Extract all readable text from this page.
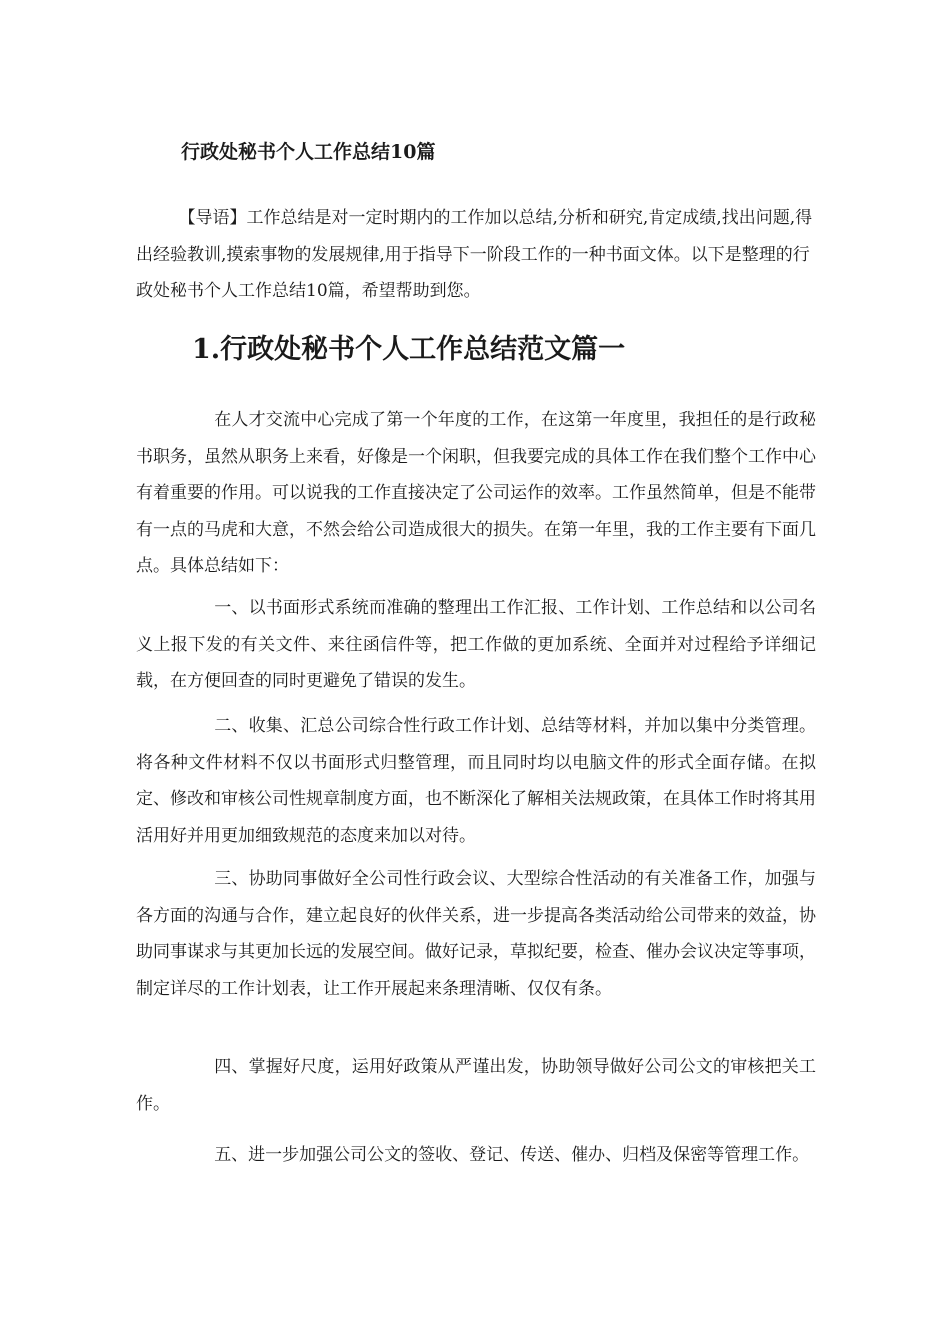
行政处秘书个人工作总结10篇

【导语】工作总结是对一定时期内的工作加以总结,分析和研究,肯定成绩,找出问题,得出经验教训,摸索事物的发展规律,用于指导下一阶段工作的一种书面文体。以下是整理的行政处秘书个人工作总结10篇，希望帮助到您。

1.行政处秘书个人工作总结范文篇一

在人才交流中心完成了第一个年度的工作，在这第一年度里，我担任的是行政秘书职务，虽然从职务上来看，好像是一个闲职，但我要完成的具体工作在我们整个工作中心有着重要的作用。可以说我的工作直接决定了公司运作的效率。工作虽然简单，但是不能带有一点的马虎和大意，不然会给公司造成很大的损失。在第一年里，我的工作主要有下面几点。具体总结如下：

一、以书面形式系统而准确的整理出工作汇报、工作计划、工作总结和以公司名义上报下发的有关文件、来往函信件等，把工作做的更加系统、全面并对过程给予详细记载，在方便回查的同时更避免了错误的发生。

二、收集、汇总公司综合性行政工作计划、总结等材料，并加以集中分类管理。将各种文件材料不仅以书面形式归整管理，而且同时均以电脑文件的形式全面存储。在拟定、修改和审核公司性规章制度方面，也不断深化了解相关法规政策，在具体工作时将其用活用好并用更加细致规范的态度来加以对待。

三、协助同事做好全公司性行政会议、大型综合性活动的有关准备工作，加强与各方面的沟通与合作，建立起良好的伙伴关系，进一步提高各类活动给公司带来的效益，协助同事谋求与其更加长远的发展空间。做好记录，草拟纪要，检查、催办会议决定等事项，制定详尽的工作计划表，让工作开展起来条理清晰、仅仅有条。

四、掌握好尺度，运用好政策从严谨出发，协助领导做好公司公文的审核把关工作。

五、进一步加强公司公文的签收、登记、传送、催办、归档及保密等管理工作。
